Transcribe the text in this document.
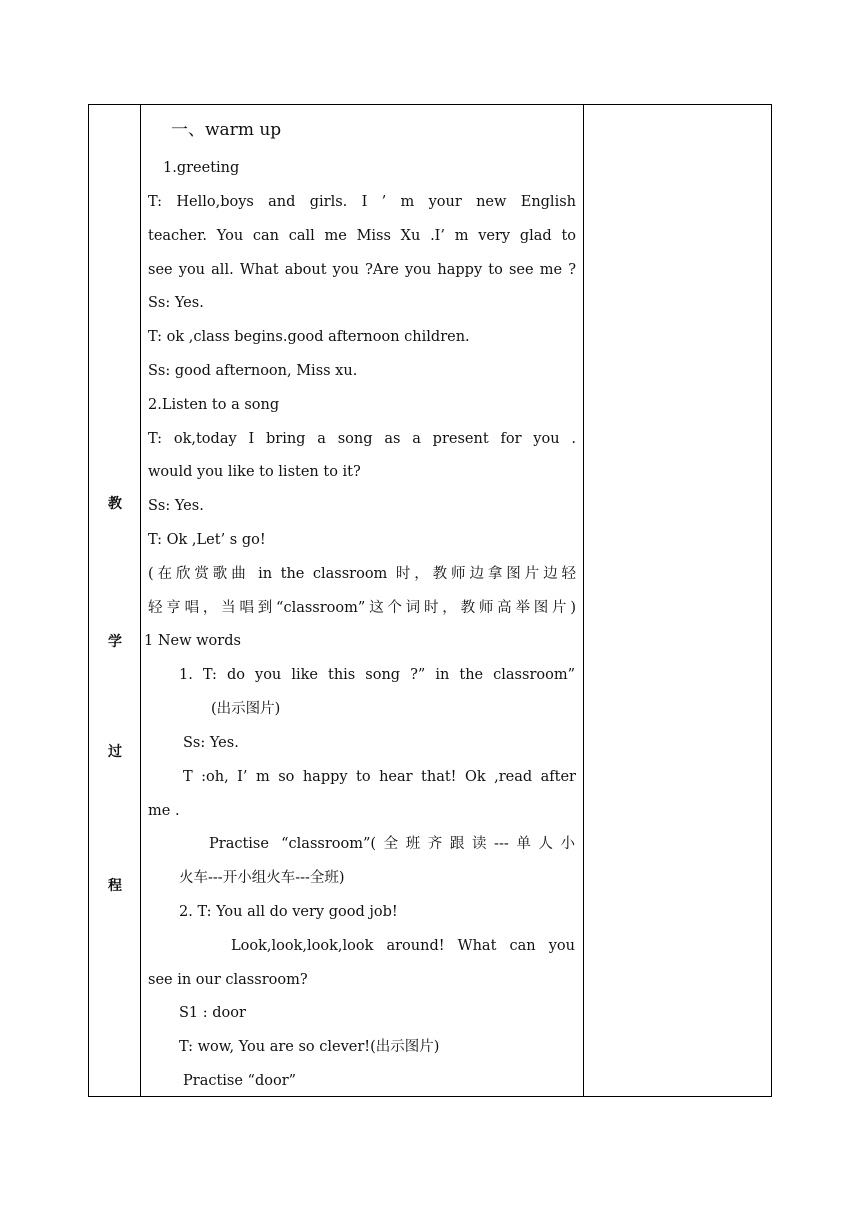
教
学
过
程
一、warm up
1.greeting
T: Hello,boys and girls. I ’ m your new English
teacher. You can call me Miss Xu .I’ m very glad to
see you all. What about you ?Are you happy to see me ?
Ss: Yes.
T: ok ,class begins.good afternoon children.
Ss: good afternoon, Miss xu.
2.Listen to a song
T: ok,today I bring a song as a present for you .
would you like to listen to it?
Ss: Yes.
T: Ok ,Let’ s go!
(在欣赏歌曲 in the classroom 时，教师边拿图片边轻
轻亨唱，当唱到“classroom”这个词时，教师高举图片)
1 New words
1. T: do you like this song ?” in the classroom”
(出示图片)
Ss: Yes.
T :oh, I’ m so happy to hear that! Ok ,read after
me .
Practise “classroom”(全班齐跟读---单人小
火车---开小组火车---全班)
2. T: You all do very good job!
Look,look,look,look around! What can you
see in our classroom?
S1 : door
T: wow, You are so clever!(出示图片)
Practise “door”
